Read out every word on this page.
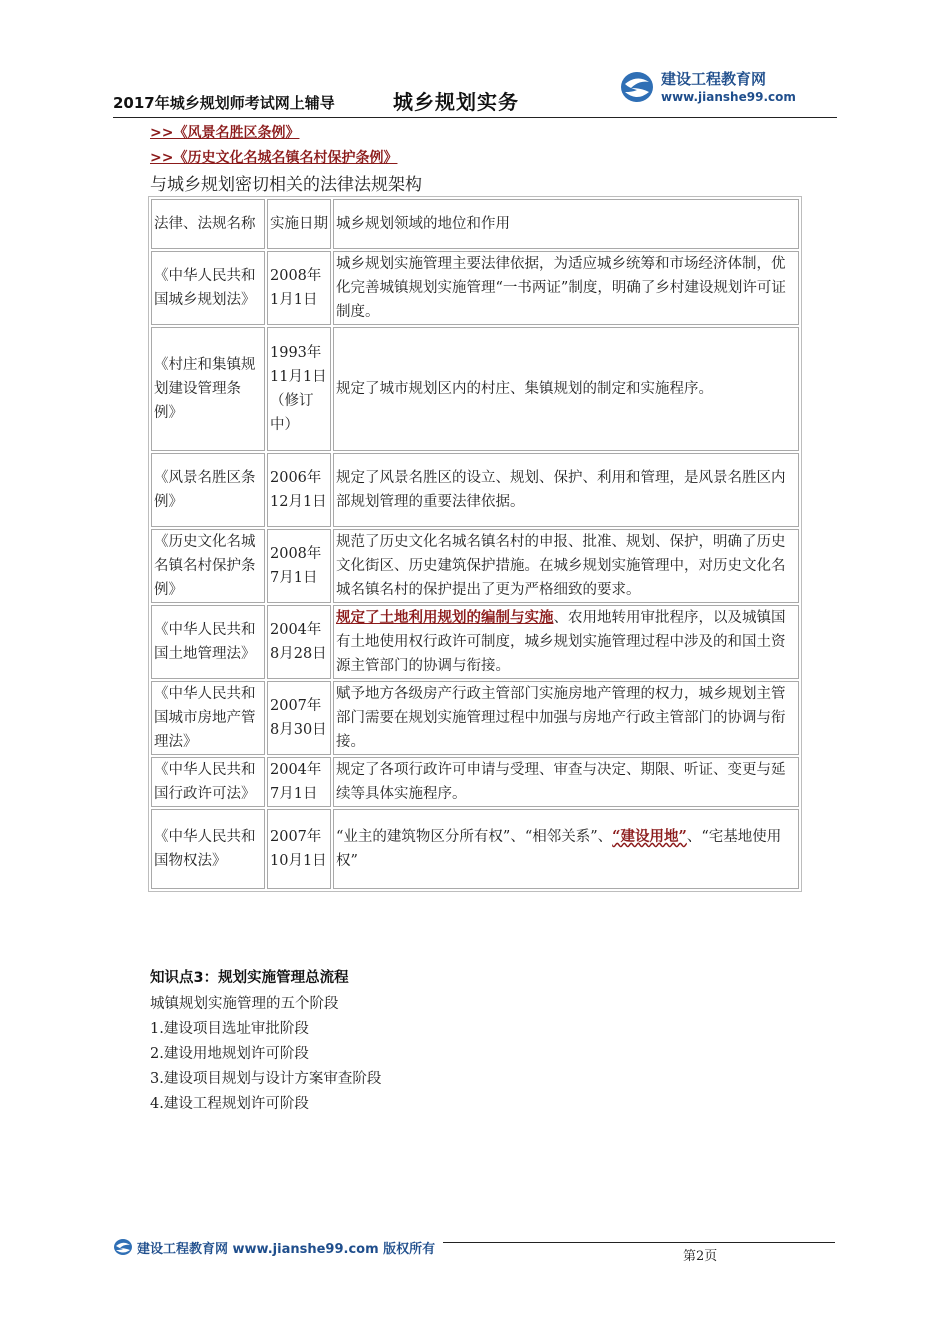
2017年城乡规划师考试网上辅导	城乡规划实务
建设工程教育网
www.jianshe99.com
>>《风景名胜区条例》
>>《历史文化名城名镇名村保护条例》
与城乡规划密切相关的法律法规架构
法律、法规名称	实施日期	城乡规划领域的地位和作用
《中华人民共和国城乡规划法》	2008年1月1日	城乡规划实施管理主要法律依据，为适应城乡统筹和市场经济体制，优化完善城镇规划实施管理“一书两证”制度，明确了乡村建设规划许可证制度。
《村庄和集镇规划建设管理条例》	1993年11月1日（修订中）	规定了城市规划区内的村庄、集镇规划的制定和实施程序。
《风景名胜区条例》	2006年12月1日	规定了风景名胜区的设立、规划、保护、利用和管理，是风景名胜区内部规划管理的重要法律依据。
《历史文化名城名镇名村保护条例》	2008年7月1日	规范了历史文化名城名镇名村的申报、批准、规划、保护，明确了历史文化街区、历史建筑保护措施。在城乡规划实施管理中，对历史文化名城名镇名村的保护提出了更为严格细致的要求。
《中华人民共和国土地管理法》	2004年8月28日	规定了土地利用规划的编制与实施、农用地转用审批程序，以及城镇国有土地使用权行政许可制度，城乡规划实施管理过程中涉及的和国土资源主管部门的协调与衔接。
《中华人民共和国城市房地产管理法》	2007年8月30日	赋予地方各级房产行政主管部门实施房地产管理的权力，城乡规划主管部门需要在规划实施管理过程中加强与房地产行政主管部门的协调与衔接。
《中华人民共和国行政许可法》	2004年7月1日	规定了各项行政许可申请与受理、审查与决定、期限、听证、变更与延续等具体实施程序。
《中华人民共和国物权法》	2007年10月1日	“业主的建筑物区分所有权”、“相邻关系”、“建设用地”、“宅基地使用权”
知识点3：规划实施管理总流程
城镇规划实施管理的五个阶段
1.建设项目选址审批阶段
2.建设用地规划许可阶段
3.建设项目规划与设计方案审查阶段
4.建设工程规划许可阶段
建设工程教育网 www.jianshe99.com 版权所有	第2页
